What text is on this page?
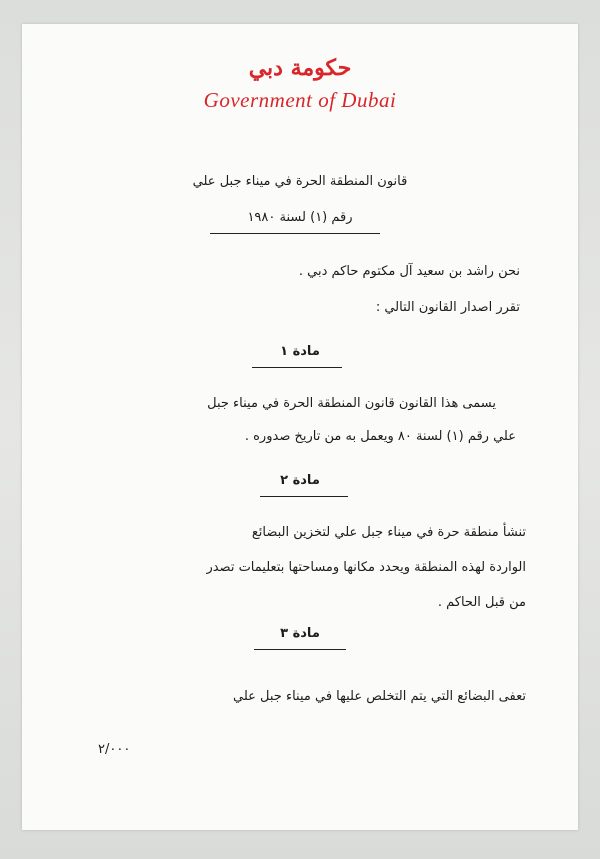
حكومة دبي
Government of Dubai
قانون المنطقة الحرة في ميناء جبل علي
رقم (١) لسنة ١٩٨٠
نحن راشد بن سعيد آل مكتوم حاكم دبي .
تقرر اصدار القانون التالي :
مادة ١
يسمى هذا القانون قانون المنطقة الحرة في ميناء جبل
علي رقم (١) لسنة ٨٠ ويعمل به من تاريخ صدوره .
مادة ٢
تنشأ منطقة حرة في ميناء جبل علي لتخزين البضائع
الواردة لهذه المنطقة ويحدد مكانها ومساحتها بتعليمات تصدر
من قبل الحاكم .
مادة ٣
تعفى البضائع التي يتم التخلص عليها في ميناء جبل علي
٢/٠٠٠
